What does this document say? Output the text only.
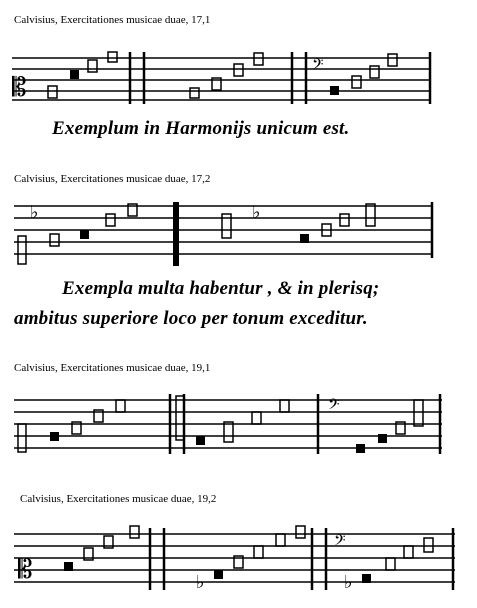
Calvisius, Exercitationes musicae duae, 17,1
𝄡
𝄢
Exemplum in Harmonijs unicum est.
Calvisius, Exercitationes musicae duae, 17,2
♭	♭
Exempla multa habentur , & in plerisq;
ambitus superiore loco per tonum exceditur.
Calvisius, Exercitationes musicae duae, 19,1
𝄢
Calvisius, Exercitationes musicae duae, 19,2
𝄡	♭	♭
𝄢
